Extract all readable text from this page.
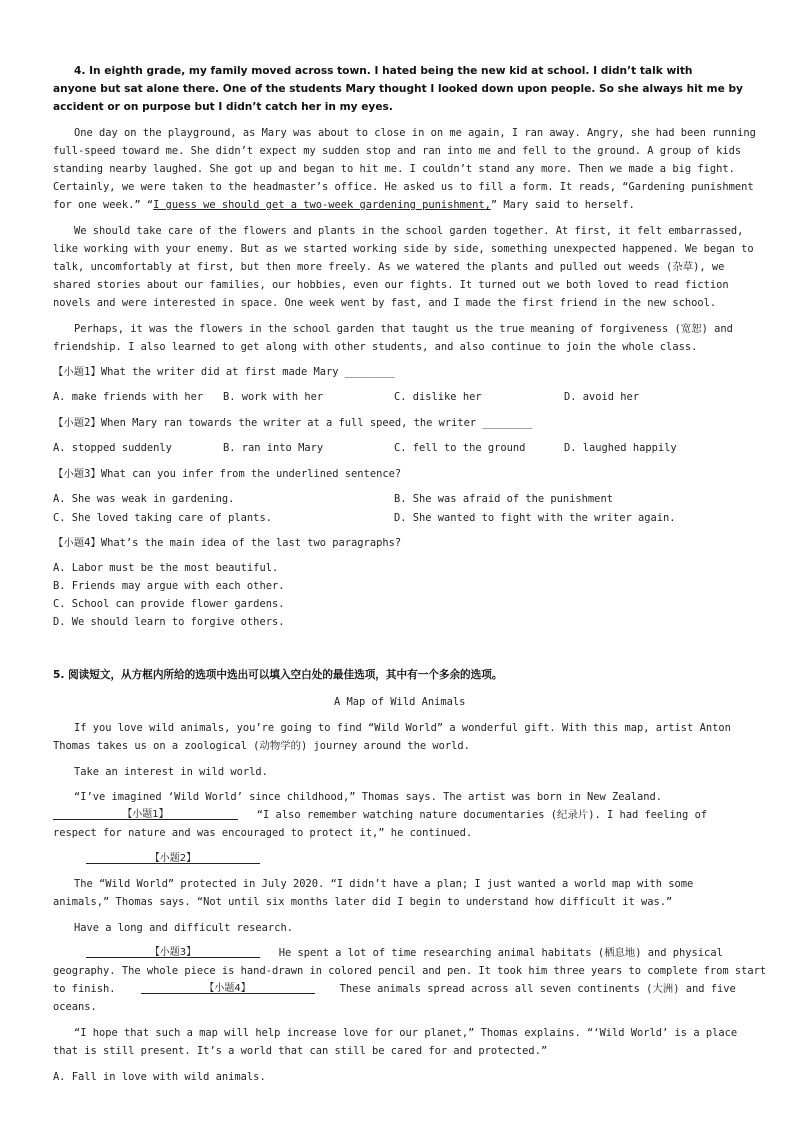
4. In eighth grade, my family moved across town. I hated being the new kid at school. I didn’t talk with
anyone but sat alone there. One of the students Mary thought I looked down upon people. So she always hit me by
accident or on purpose but I didn’t catch her in my eyes.
One day on the playground, as Mary was about to close in on me again, I ran away. Angry, she had been running
full-speed toward me. She didn’t expect my sudden stop and ran into me and fell to the ground. A group of kids
standing nearby laughed. She got up and began to hit me. I couldn’t stand any more. Then we made a big fight.
Certainly, we were taken to the headmaster’s office. He asked us to fill a form. It reads, “Gardening punishment
for one week.” “I guess we should get a two-week gardening punishment,” Mary said to herself.
We should take care of the flowers and plants in the school garden together. At first, it felt embarrassed,
like working with your enemy. But as we started working side by side, something unexpected happened. We began to
talk, uncomfortably at first, but then more freely. As we watered the plants and pulled out weeds (杂草), we
shared stories about our families, our hobbies, even our fights. It turned out we both loved to read fiction
novels and were interested in space. One week went by fast, and I made the first friend in the new school.
Perhaps, it was the flowers in the school garden that taught us the true meaning of forgiveness (宽恕) and
friendship. I also learned to get along with other students, and also continue to join the whole class.
【小题1】What the writer did at first made Mary ________
A. make friends with her B. work with her	C. dislike her	D. avoid her
【小题2】When Mary ran towards the writer at a full speed, the writer ________
A. stopped suddenly	B. ran into Mary	C. fell to the ground	D. laughed happily
【小题3】What can you infer from the underlined sentence?
A. She was weak in gardening.	B. She was afraid of the punishment
C. She loved taking care of plants.	D. She wanted to fight with the writer again.
【小题4】What’s the main idea of the last two paragraphs?
A. Labor must be the most beautiful.
B. Friends may argue with each other.
C. School can provide flower gardens.
D. We should learn to forgive others.
5. 阅读短文，从方框内所给的选项中选出可以填入空白处的最佳选项，其中有一个多余的选项。
A Map of Wild Animals
If you love wild animals, you’re going to find “Wild World” a wonderful gift. With this map, artist Anton
Thomas takes us on a zoological (动物学的) journey around the world.
Take an interest in wild world.
“I’ve imagined ‘Wild World’ since childhood,” Thomas says. The artist was born in New Zealand.
【小题1】	“I also remember watching nature documentaries (纪录片). I had feeling of
respect for nature and was encouraged to protect it,” he continued.
【小题2】
The “Wild World” protected in July 2020. “I didn’t have a plan; I just wanted a world map with some
animals,” Thomas says. “Not until six months later did I begin to understand how difficult it was.”
Have a long and difficult research.
【小题3】	He spent a lot of time researching animal habitats (栖息地) and physical
geography. The whole piece is hand-drawn in colored pencil and pen. It took him three years to complete from start
to finish.	【小题4】	These animals spread across all seven continents (大洲) and five
oceans.
“I hope that such a map will help increase love for our planet,” Thomas explains. “‘Wild World’ is a place
that is still present. It’s a world that can still be cared for and protected.”
A. Fall in love with wild animals.
